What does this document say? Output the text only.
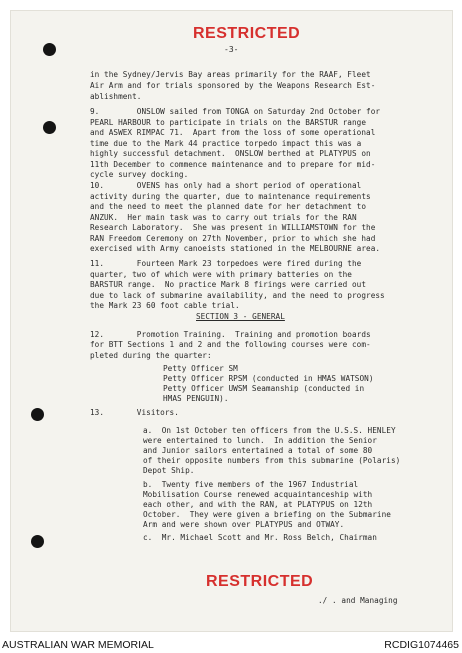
RESTRICTED
-3-
in the Sydney/Jervis Bay areas primarily for the RAAF, Fleet
Air Arm and for trials sponsored by the Weapons Research Est-
ablishment.
9.        ONSLOW sailed from TONGA on Saturday 2nd October for
PEARL HARBOUR to participate in trials on the BARSTUR range
and ASWEX RIMPAC 71.  Apart from the loss of some operational
time due to the Mark 44 practice torpedo impact this was a
highly successful detachment.  ONSLOW berthed at PLATYPUS on
11th December to commence maintenance and to prepare for mid-
cycle survey docking.
10.       OVENS has only had a short period of operational
activity during the quarter, due to maintenance requirements
and the need to meet the planned date for her detachment to
ANZUK.  Her main task was to carry out trials for the RAN
Research Laboratory.  She was present in WILLIAMSTOWN for the
RAN Freedom Ceremony on 27th November, prior to which she had
exercised with Army canoeists stationed in the MELBOURNE area.
11.       Fourteen Mark 23 torpedoes were fired during the
quarter, two of which were with primary batteries on the
BARSTUR range.  No practice Mark 8 firings were carried out
due to lack of submarine availability, and the need to progress
the Mark 23 60 foot cable trial.
SECTION 3 - GENERAL
12.       Promotion Training.  Training and promotion boards
for BTT Sections 1 and 2 and the following courses were com-
pleted during the quarter:
Petty Officer SM
Petty Officer RPSM (conducted in HMAS WATSON)
Petty Officer UWSM Seamanship (conducted in
HMAS PENGUIN).
13.       Visitors.
a.  On 1st October ten officers from the U.S.S. HENLEY
were entertained to lunch.  In addition the Senior
and Junior sailors entertained a total of some 80
of their opposite numbers from this submarine (Polaris)
Depot Ship.
b.  Twenty five members of the 1967 Industrial
Mobilisation Course renewed acquaintanceship with
each other, and with the RAN, at PLATYPUS on 12th
October.  They were given a briefing on the Submarine
Arm and were shown over PLATYPUS and OTWAY.
c.  Mr. Michael Scott and Mr. Ross Belch, Chairman
RESTRICTED
./ . and Managing
AUSTRALIAN WAR MEMORIAL	RCDIG1074465
